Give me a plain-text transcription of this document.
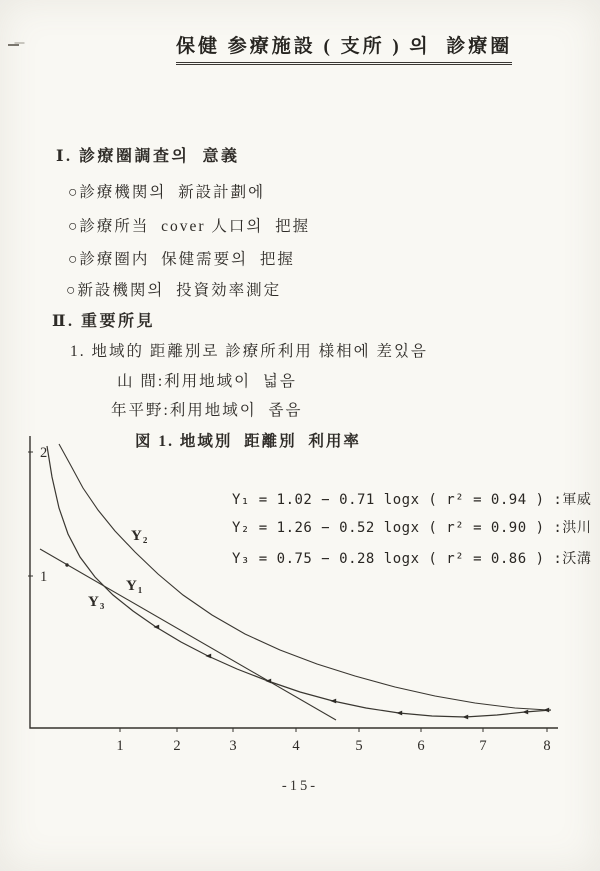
保健 参療施設 ( 支所 ) 의  診療圈
Ⅰ. 診療圈調査의  意義
○診療機関의  新設計劃에
○診療所当  cover 人口의  把握
○診療圈内  保健需要의  把握
○新設機関의  投資効率測定
Ⅱ. 重要所見
1. 地域的 距離別로 診療所利用 様相에 差있음
山 間:利用地域이  넓음
年平野:利用地域이  좁음
図 1. 地域別  距離別  利用率
Y₁ = 1.02 − 0.71 logx ( r² = 0.94 ) :軍威
Y₂ = 1.26 − 0.52 logx ( r² = 0.90 ) :洪川
Y₃ = 0.75 − 0.28 logx ( r² = 0.86 ) :沃溝
Y₂
Y₁
Y₃
2
1
1	2	3	4	5	6	7	8
-15-
